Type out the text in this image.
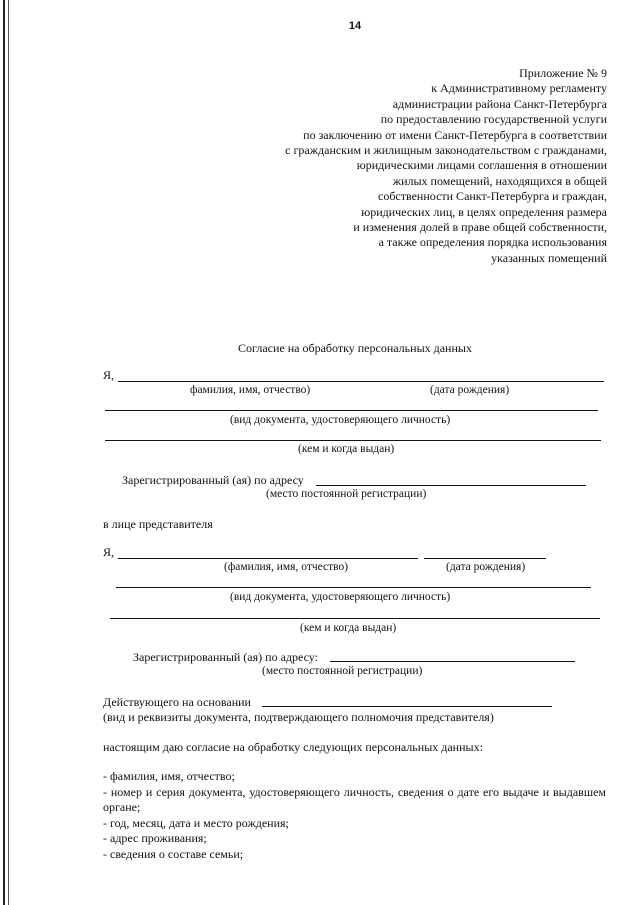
14
Приложение № 9
к Административному регламенту
администрации района Санкт-Петербурга
по предоставлению государственной услуги
по заключению от имени Санкт-Петербурга в соответствии
с гражданским и жилищным законодательством с гражданами,
юридическими лицами соглашения в отношении
жилых помещений, находящихся в общей
собственности Санкт-Петербурга и граждан,
юридических лиц, в целях определения размера
и изменения долей в праве общей собственности,
а также определения порядка использования
указанных помещений
Согласие на обработку персональных данных
Я,
фамилия, имя, отчество)	(дата рождения)
(вид документа, удостоверяющего личность)
(кем и когда выдан)
Зарегистрированный (ая) по адресу
(место постоянной регистрации)
в лице представителя
Я,
(фамилия, имя, отчество)	(дата рождения)
(вид документа, удостоверяющего личность)
(кем и когда выдан)
Зарегистрированный (ая) по адресу:
(место постоянной регистрации)
Действующего на основании
(вид и реквизиты документа, подтверждающего полномочия представителя)
настоящим даю согласие на обработку следующих персональных данных:
- фамилия, имя, отчество;
- номер и серия документа, удостоверяющего личность, сведения о дате его выдаче и выдавшем органе;
- год, месяц, дата и место рождения;
- адрес проживания;
- сведения о составе семьи;
